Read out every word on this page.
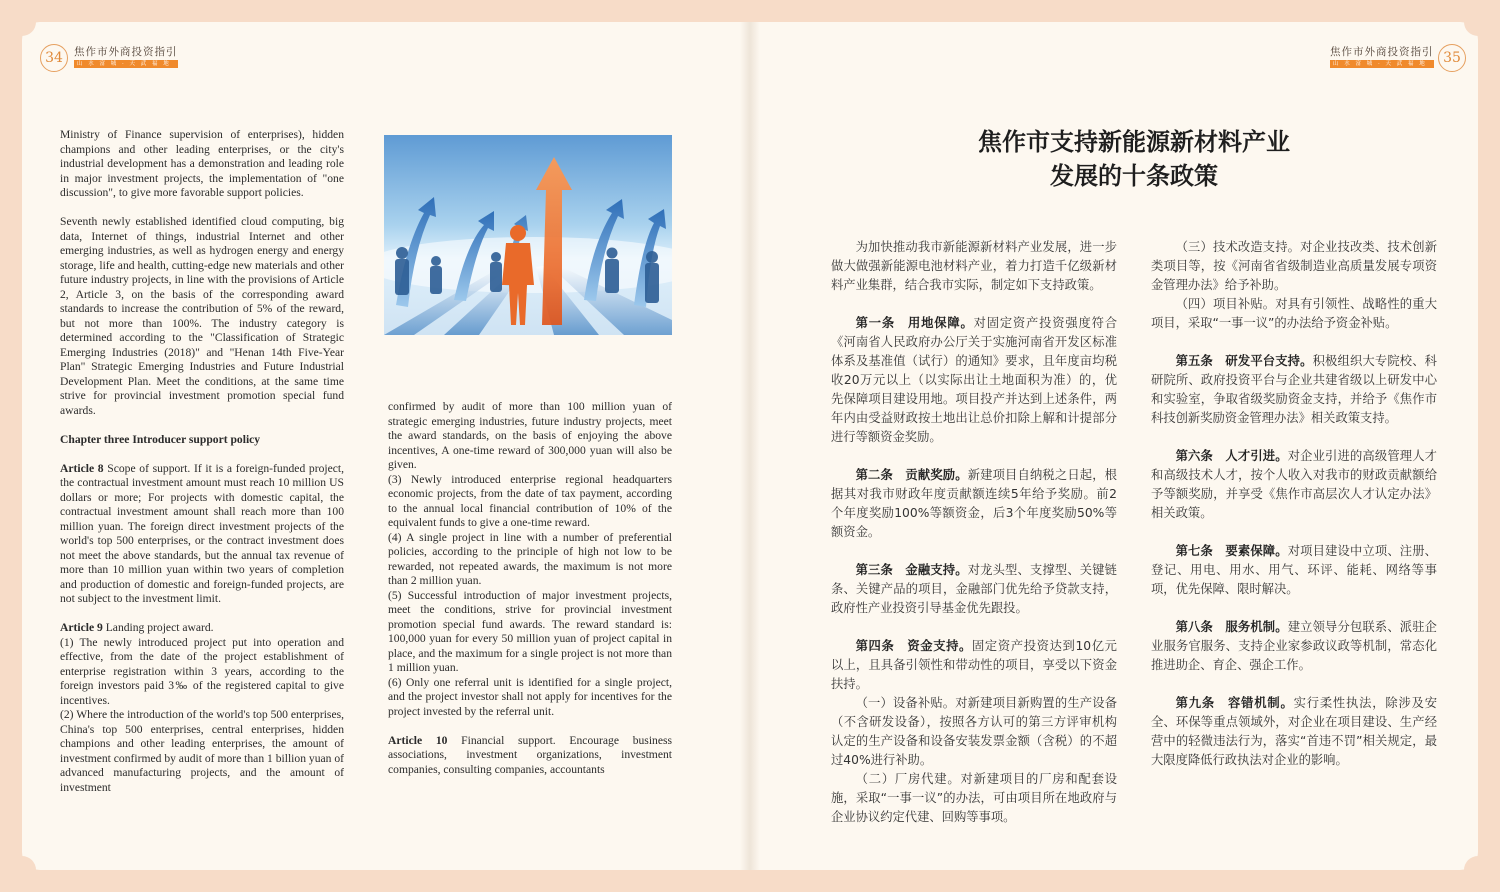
34	焦作市外商投资指引
山 水 富 城 · 天 武 福 地
焦作市外商投资指引
山 水 富 城 · 天 武 福 地	35

Ministry of Finance supervision of enterprises), hidden champions and other leading enterprises, or the city's industrial development has a demonstration and leading role in major investment projects, the implementation of "one discussion", to give more favorable support policies.

Seventh newly established identified cloud computing, big data, Internet of things, industrial Internet and other emerging industries, as well as hydrogen energy and energy storage, life and health, cutting-edge new materials and other future industry projects, in line with the provisions of Article 2, Article 3, on the basis of the corresponding award standards to increase the contribution of 5% of the reward, but not more than 100%. The industry category is determined according to the "Classification of Strategic Emerging Industries (2018)" and "Henan 14th Five-Year Plan" Strategic Emerging Industries and Future Industrial Development Plan. Meet the conditions, at the same time strive for provincial investment promotion special fund awards.

Chapter three Introducer support policy

Article 8 Scope of support. If it is a foreign-funded project, the contractual investment amount must reach 10 million US dollars or more; For projects with domestic capital, the contractual investment amount shall reach more than 100 million yuan. The foreign direct investment projects of the world's top 500 enterprises, or the contract investment does not meet the above standards, but the annual tax revenue of more than 10 million yuan within two years of completion and production of domestic and foreign-funded projects, are not subject to the investment limit.

Article 9 Landing project award.

(1) The newly introduced project put into operation and effective, from the date of the project establishment of enterprise registration within 3 years, according to the foreign investors paid 3‰ of the registered capital to give incentives.

(2) Where the introduction of the world's top 500 enterprises, China's top 500 enterprises, central enterprises, hidden champions and other leading enterprises, the amount of investment confirmed by audit of more than 1 billion yuan of advanced manufacturing projects, and the amount of investment

confirmed by audit of more than 100 million yuan of strategic emerging industries, future industry projects, meet the award standards, on the basis of enjoying the above incentives, A one-time reward of 300,000 yuan will also be given.

(3) Newly introduced enterprise regional headquarters economic projects, from the date of tax payment, according to the annual local financial contribution of 10% of the equivalent funds to give a one-time reward.

(4) A single project in line with a number of preferential policies, according to the principle of high not low to be rewarded, not repeated awards, the maximum is not more than 2 million yuan.

(5) Successful introduction of major investment projects, meet the conditions, strive for provincial investment promotion special fund awards. The reward standard is: 100,000 yuan for every 50 million yuan of project capital in place, and the maximum for a single project is not more than 1 million yuan.

(6) Only one referral unit is identified for a single project, and the project investor shall not apply for incentives for the project invested by the referral unit.

Article 10 Financial support. Encourage business associations, investment organizations, investment companies, consulting companies, accountants

焦作市支持新能源新材料产业
发展的十条政策

为加快推动我市新能源新材料产业发展，进一步做大做强新能源电池材料产业，着力打造千亿级新材料产业集群，结合我市实际，制定如下支持政策。

第一条　用地保障。对固定资产投资强度符合《河南省人民政府办公厅关于实施河南省开发区标准体系及基准值（试行）的通知》要求，且年度亩均税收20万元以上（以实际出让土地面积为准）的，优先保障项目建设用地。项目投产并达到上述条件，两年内由受益财政按土地出让总价扣除上解和计提部分进行等额资金奖励。

第二条　贡献奖励。新建项目自纳税之日起，根据其对我市财政年度贡献额连续5年给予奖励。前2个年度奖励100%等额资金，后3个年度奖励50%等额资金。

第三条　金融支持。对龙头型、支撑型、关键链条、关键产品的项目，金融部门优先给予贷款支持，政府性产业投资引导基金优先跟投。

第四条　资金支持。固定资产投资达到10亿元以上，且具备引领性和带动性的项目，享受以下资金扶持。

（一）设备补贴。对新建项目新购置的生产设备（不含研发设备），按照各方认可的第三方评审机构认定的生产设备和设备安装发票金额（含税）的不超过40%进行补助。

（二）厂房代建。对新建项目的厂房和配套设施，采取“一事一议”的办法，可由项目所在地政府与企业协议约定代建、回购等事项。

（三）技术改造支持。对企业技改类、技术创新类项目等，按《河南省省级制造业高质量发展专项资金管理办法》给予补助。

（四）项目补贴。对具有引领性、战略性的重大项目，采取“一事一议”的办法给予资金补贴。

第五条　研发平台支持。积极组织大专院校、科研院所、政府投资平台与企业共建省级以上研发中心和实验室，争取省级奖励资金支持，并给予《焦作市科技创新奖励资金管理办法》相关政策支持。

第六条　人才引进。对企业引进的高级管理人才和高级技术人才，按个人收入对我市的财政贡献额给予等额奖励，并享受《焦作市高层次人才认定办法》相关政策。

第七条　要素保障。对项目建设中立项、注册、登记、用电、用水、用气、环评、能耗、网络等事项，优先保障、限时解决。

第八条　服务机制。建立领导分包联系、派驻企业服务官服务、支持企业家参政议政等机制，常态化推进助企、育企、强企工作。

第九条　容错机制。实行柔性执法，除涉及安全、环保等重点领域外，对企业在项目建设、生产经营中的轻微违法行为，落实“首违不罚”相关规定，最大限度降低行政执法对企业的影响。
